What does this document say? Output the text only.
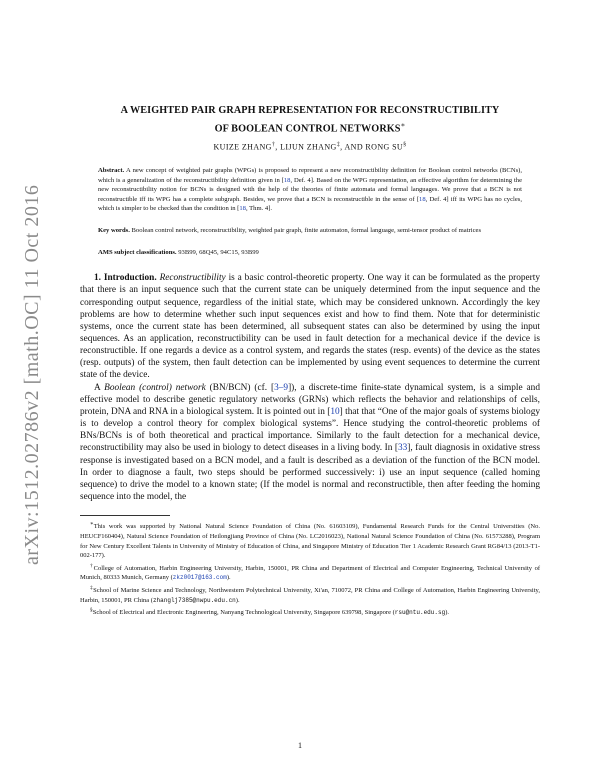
arXiv:1512.02786v2 [math.OC] 11 Oct 2016
A WEIGHTED PAIR GRAPH REPRESENTATION FOR RECONSTRUCTIBILITY
OF BOOLEAN CONTROL NETWORKS∗
KUIZE ZHANG†, LIJUN ZHANG‡, AND RONG SU§
Abstract. A new concept of weighted pair graphs (WPGs) is proposed to represent a new reconstructibility definition for Boolean control networks (BCNs), which is a generalization of the reconstructibility definition given in [18, Def. 4]. Based on the WPG representation, an effective algorithm for determining the new reconstructibility notion for BCNs is designed with the help of the theories of finite automata and formal languages. We prove that a BCN is not reconstructible iff its WPG has a complete subgraph. Besides, we prove that a BCN is reconstructible in the sense of [18, Def. 4] iff its WPG has no cycles, which is simpler to be checked than the condition in [18, Thm. 4].
Key words. Boolean control network, reconstructibility, weighted pair graph, finite automaton, formal language, semi-tensor product of matrices
AMS subject classifications. 93B99, 68Q45, 94C15, 93B99

1. Introduction. Reconstructibility is a basic control-theoretic property. One way it can be formulated as the property that there is an input sequence such that the current state can be uniquely determined from the input sequence and the corresponding output sequence, regardless of the initial state, which may be considered unknown. Accordingly the key problems are how to determine whether such input sequences exist and how to find them. Note that for deterministic systems, once the current state has been determined, all subsequent states can also be determined by using the input sequences. As an application, reconstructibility can be used in fault detection for a mechanical device if the device is reconstructible. If one regards a device as a control system, and regards the states (resp. events) of the device as the states (resp. outputs) of the system, then fault detection can be implemented by using event sequences to determine the current state of the device.

A Boolean (control) network (BN/BCN) (cf. [3–9]), a discrete-time finite-state dynamical system, is a simple and effective model to describe genetic regulatory networks (GRNs) which reflects the behavior and relationships of cells, protein, DNA and RNA in a biological system. It is pointed out in [10] that that “One of the major goals of systems biology is to develop a control theory for complex biological systems”. Hence studying the control-theoretic problems of BNs/BCNs is of both theoretical and practical importance. Similarly to the fault detection for a mechanical device, reconstructibility may also be used in biology to detect diseases in a living body. In [33], fault diagnosis in oxidative stress response is investigated based on a BCN model, and a fault is described as a deviation of the function of the BCN model. In order to diagnose a fault, two steps should be performed successively: i) use an input sequence (called homing sequence) to drive the model to a known state; (If the model is normal and reconstructible, then after feeding the homing sequence into the model, the

∗This work was supported by National Natural Science Foundation of China (No. 61603109), Fundamental Research Funds for the Central Universities (No. HEUCF160404), Natural Science Foundation of Heilongjiang Province of China (No. LC2016023), National Natural Science Foundation of China (No. 61573288), Program for New Century Excellent Talents in University of Ministry of Education of China, and Singapore Ministry of Education Tier 1 Academic Research Grant RG84/13 (2013-T1-002-177).

†College of Automation, Harbin Engineering University, Harbin, 150001, PR China and Department of Electrical and Computer Engineering, Technical University of Munich, 80333 Munich, Germany (zkz0017@163.com).

‡School of Marine Science and Technology, Northwestern Polytechnical University, Xi'an, 710072, PR China and College of Automation, Harbin Engineering University, Harbin, 150001, PR China (zhanglj7385@nwpu.edu.cn).

§School of Electrical and Electronic Engineering, Nanyang Technological University, Singapore 639798, Singapore (rsu@ntu.edu.sg).

1
